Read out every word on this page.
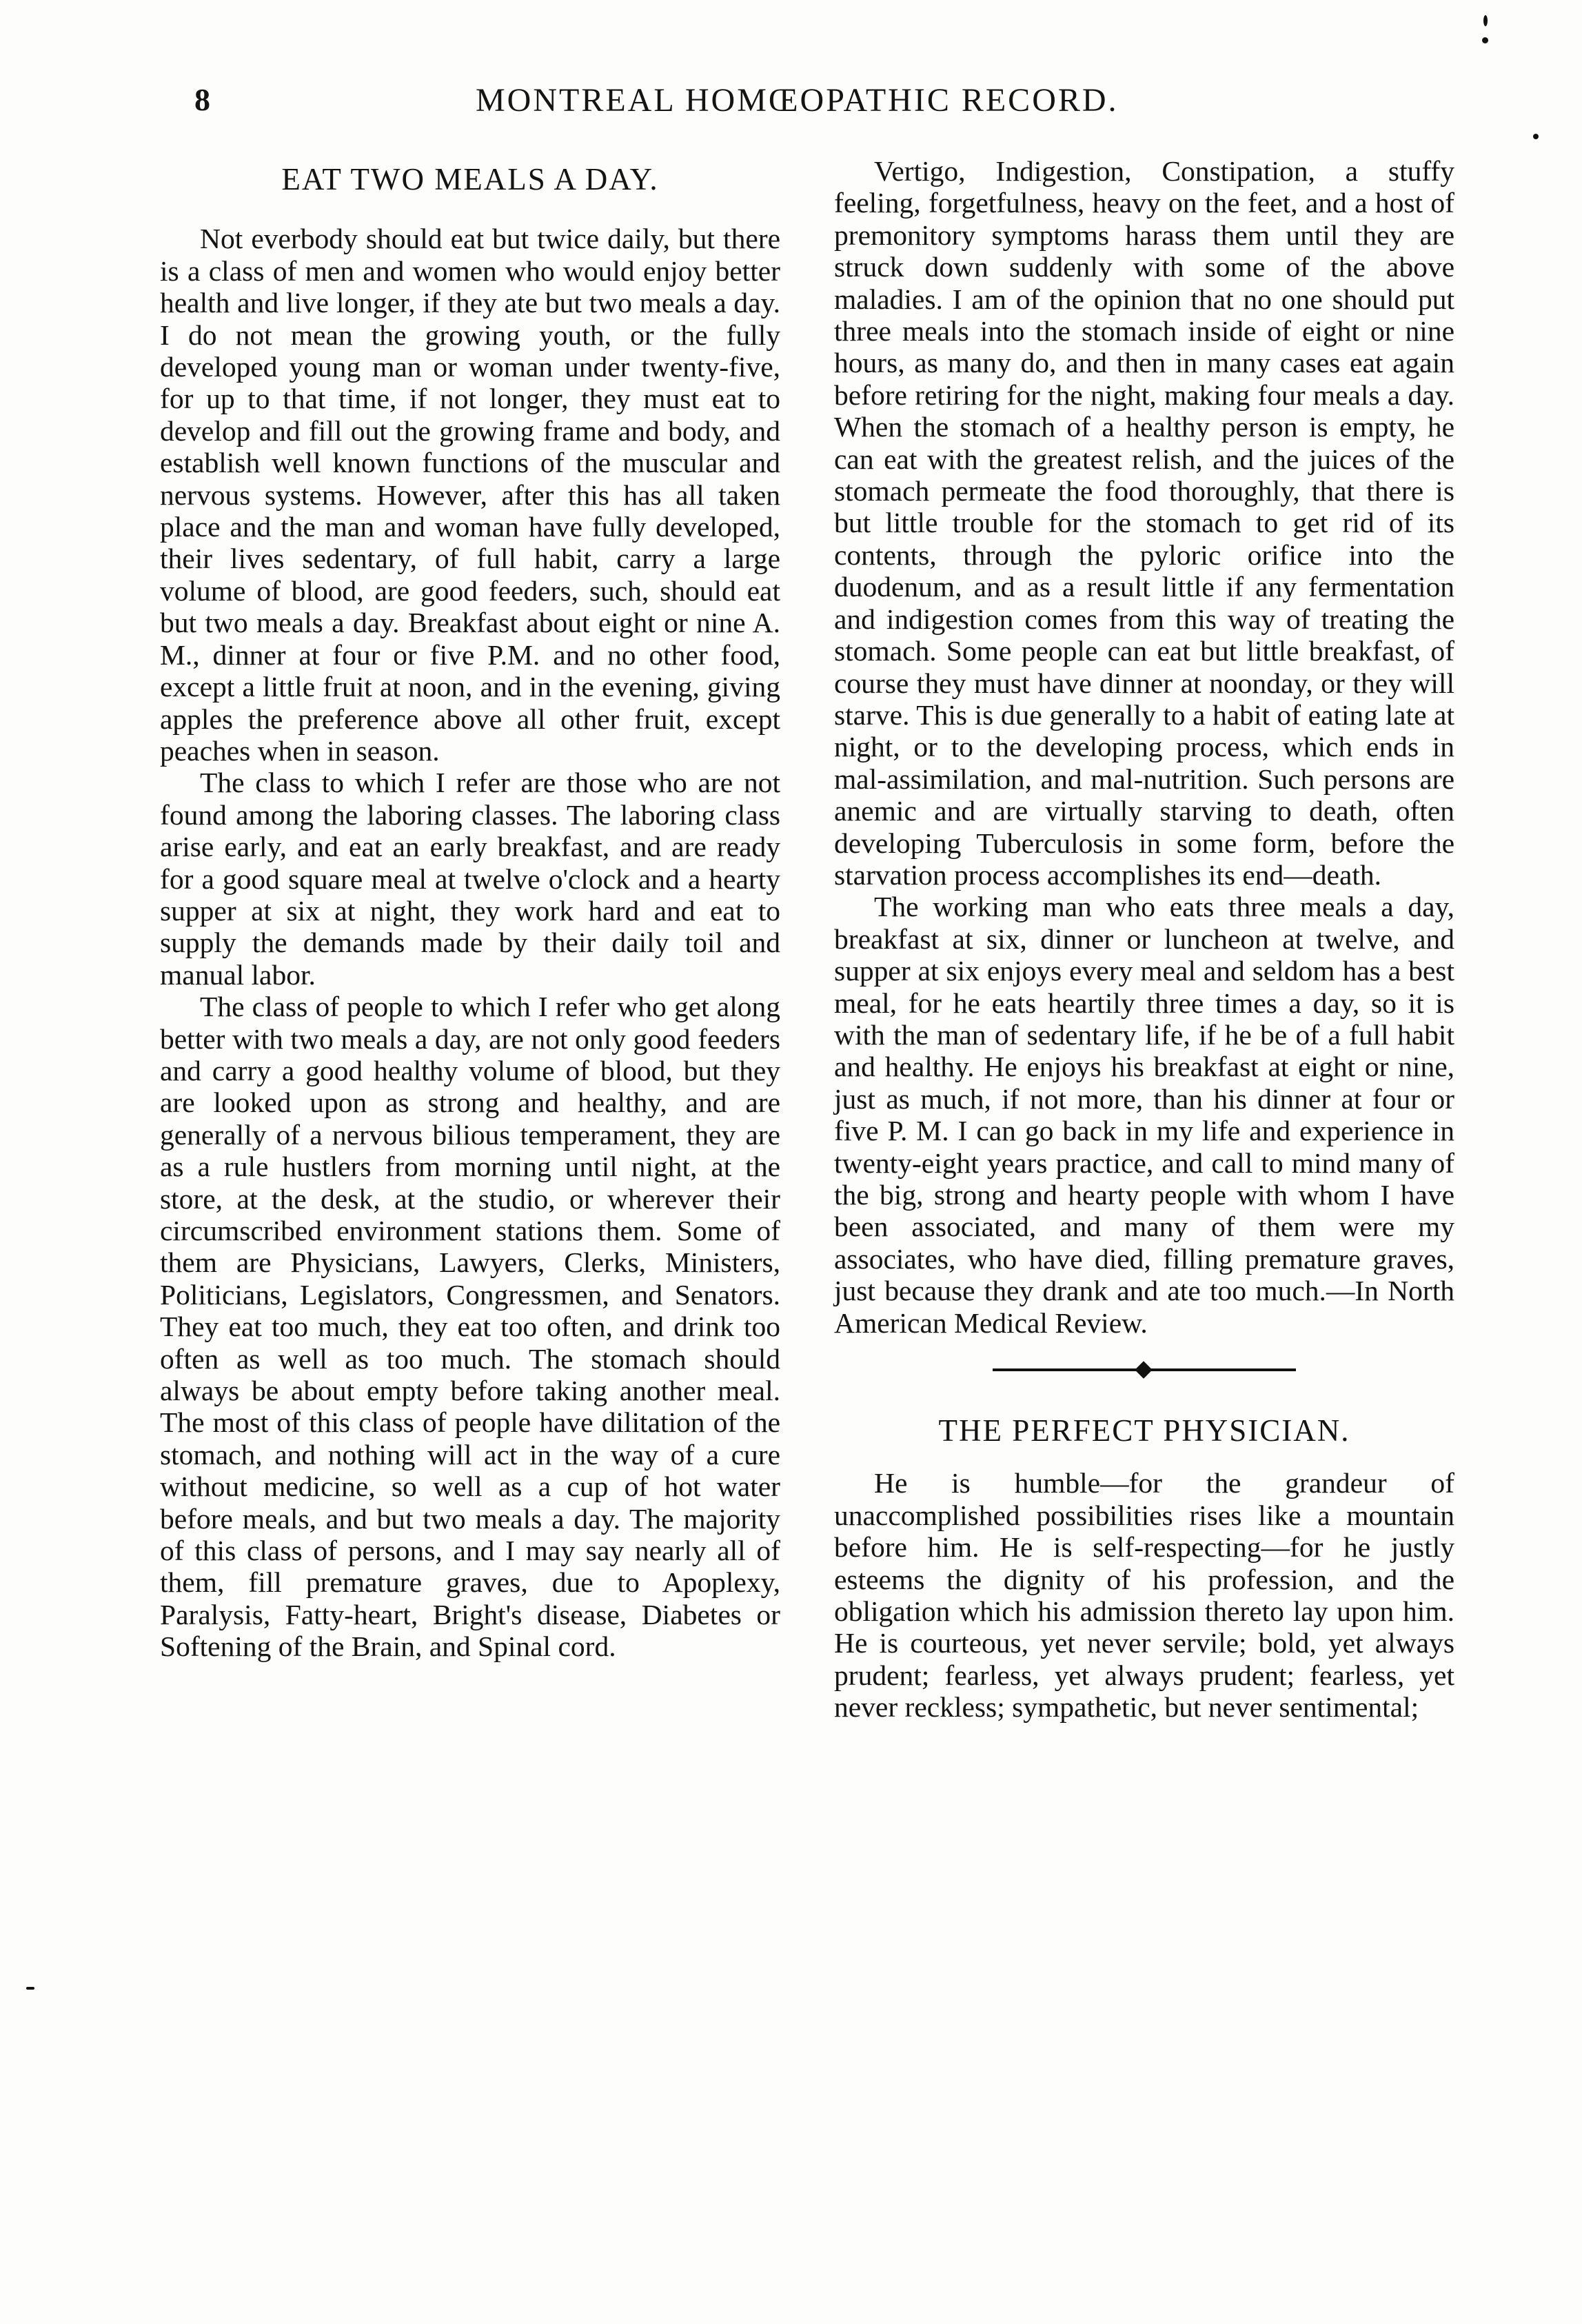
8	MONTREAL HOMŒOPATHIC RECORD.
EAT TWO MEALS A DAY.

Not everbody should eat but twice daily, but there is a class of men and women who would enjoy better health and live longer, if they ate but two meals a day. I do not mean the growing youth, or the fully developed young man or woman under twenty-five, for up to that time, if not longer, they must eat to develop and fill out the growing frame and body, and establish well known functions of the muscular and nervous systems. However, after this has all taken place and the man and woman have fully developed, their lives sedentary, of full habit, carry a large volume of blood, are good feeders, such, should eat but two meals a day. Breakfast about eight or nine A. M., dinner at four or five P.M. and no other food, except a little fruit at noon, and in the evening, giving apples the preference above all other fruit, except peaches when in season.

The class to which I refer are those who are not found among the laboring classes. The laboring class arise early, and eat an early breakfast, and are ready for a good square meal at twelve o'clock and a hearty supper at six at night, they work hard and eat to supply the demands made by their daily toil and manual labor.

The class of people to which I refer who get along better with two meals a day, are not only good feeders and carry a good healthy volume of blood, but they are looked upon as strong and healthy, and are generally of a nervous bilious temperament, they are as a rule hustlers from morning until night, at the store, at the desk, at the studio, or wherever their circumscribed environment stations them. Some of them are Physicians, Lawyers, Clerks, Ministers, Politicians, Legislators, Congressmen, and Senators. They eat too much, they eat too often, and drink too often as well as too much. The stomach should always be about empty before taking another meal. The most of this class of people have dilitation of the stomach, and nothing will act in the way of a cure without medicine, so well as a cup of hot water before meals, and but two meals a day. The majority of this class of persons, and I may say nearly all of them, fill premature graves, due to Apoplexy, Paralysis, Fatty-heart, Bright's disease, Diabetes or Softening of the Brain, and Spinal cord.

Vertigo, Indigestion, Constipation, a stuffy feeling, forgetfulness, heavy on the feet, and a host of premonitory symptoms harass them until they are struck down suddenly with some of the above maladies. I am of the opinion that no one should put three meals into the stomach inside of eight or nine hours, as many do, and then in many cases eat again before retiring for the night, making four meals a day. When the stomach of a healthy person is empty, he can eat with the greatest relish, and the juices of the stomach permeate the food thoroughly, that there is but little trouble for the stomach to get rid of its contents, through the pyloric orifice into the duodenum, and as a result little if any fermentation and indigestion comes from this way of treating the stomach. Some people can eat but little breakfast, of course they must have dinner at noonday, or they will starve. This is due generally to a habit of eating late at night, or to the developing process, which ends in mal-assimilation, and mal-nutrition. Such persons are anemic and are virtually starving to death, often developing Tuberculosis in some form, before the starvation process accomplishes its end—death.

The working man who eats three meals a day, breakfast at six, dinner or luncheon at twelve, and supper at six enjoys every meal and seldom has a best meal, for he eats heartily three times a day, so it is with the man of sedentary life, if he be of a full habit and healthy. He enjoys his breakfast at eight or nine, just as much, if not more, than his dinner at four or five P. M. I can go back in my life and experience in twenty-eight years practice, and call to mind many of the big, strong and hearty people with whom I have been associated, and many of them were my associates, who have died, filling premature graves, just because they drank and ate too much.—In North American Medical Review.

THE PERFECT PHYSICIAN.

He is humble—for the grandeur of unaccomplished possibilities rises like a mountain before him. He is self-respecting—for he justly esteems the dignity of his profession, and the obligation which his admission thereto lay upon him. He is courteous, yet never servile; bold, yet always prudent; fearless, yet always prudent; fearless, yet never reckless; sympathetic, but never sentimental;
